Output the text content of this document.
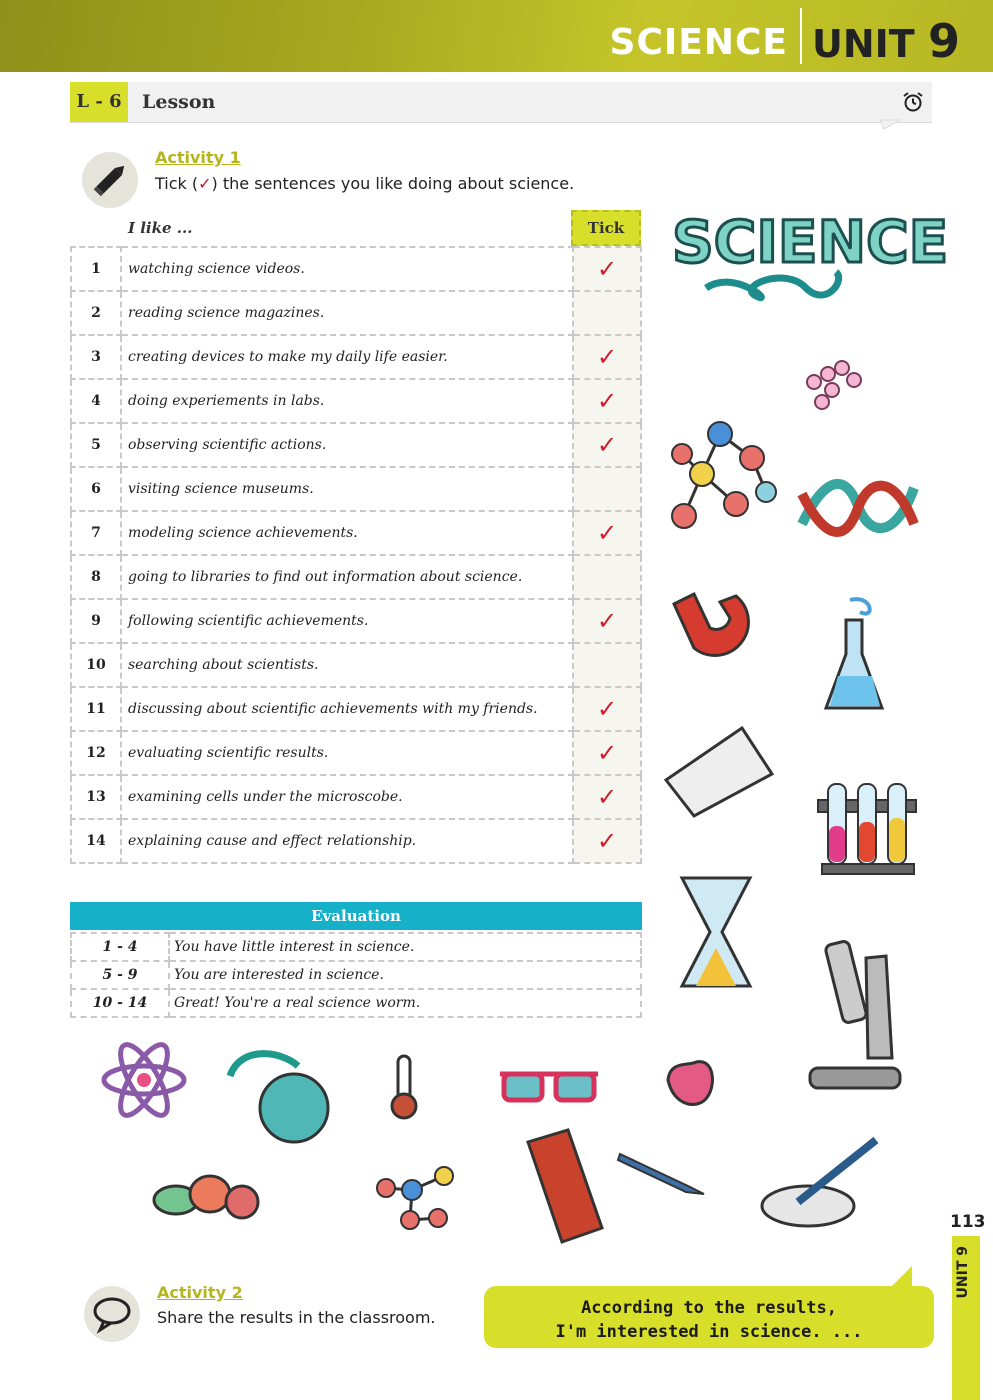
SCIENCE UNIT 9
L - 6	Lesson
Activity 1
Tick (✓) the sentences you like doing about science.
I like ...	Tick
1	watching science videos.	✓
2	reading science magazines.	
3	creating devices to make my daily life easier.	✓
4	doing experiements in labs.	✓
5	observing scientific actions.	✓
6	visiting science museums.	
7	modeling science achievements.	✓
8	going to libraries to find out information about science.	
9	following scientific achievements.	✓
10	searching about scientists.	
11	discussing about scientific achievements with my friends.	✓
12	evaluating scientific results.	✓
13	examining cells under the microscobe.	✓
14	explaining cause and effect relationship.	✓
Evaluation
1 - 4	You have little interest in science.
5 - 9	You are interested in science.
10 - 14	Great! You're a real science worm.
SCIENCE
113
UNIT 9
Activity 2
Share the results in the classroom.	According to the results,
I'm interested in science. ...
